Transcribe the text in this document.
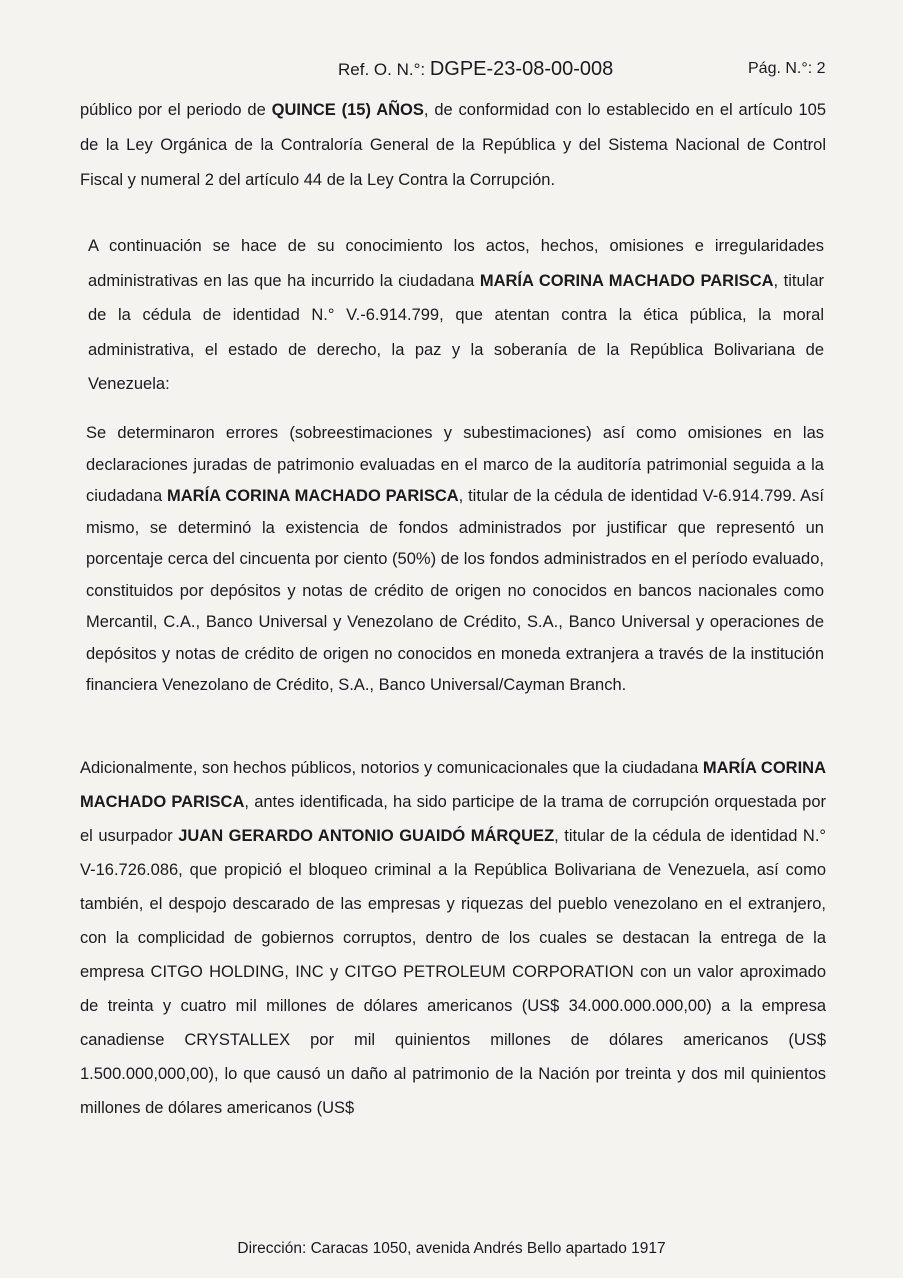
Ref. O. N.°: DGPE-23-08-00-008	Pág. N.°: 2

público por el periodo de QUINCE (15) AÑOS, de conformidad con lo establecido en el artículo 105 de la Ley Orgánica de la Contraloría General de la República y del Sistema Nacional de Control Fiscal y numeral 2 del artículo 44 de la Ley Contra la Corrupción.

A continuación se hace de su conocimiento los actos, hechos, omisiones e irregularidades administrativas en las que ha incurrido la ciudadana MARÍA CORINA MACHADO PARISCA, titular de la cédula de identidad N.° V.-6.914.799, que atentan contra la ética pública, la moral administrativa, el estado de derecho, la paz y la soberanía de la República Bolivariana de Venezuela:

Se determinaron errores (sobreestimaciones y subestimaciones) así como omisiones en las declaraciones juradas de patrimonio evaluadas en el marco de la auditoría patrimonial seguida a la ciudadana MARÍA CORINA MACHADO PARISCA, titular de la cédula de identidad V-6.914.799. Así mismo, se determinó la existencia de fondos administrados por justificar que representó un porcentaje cerca del cincuenta por ciento (50%) de los fondos administrados en el período evaluado, constituidos por depósitos y notas de crédito de origen no conocidos en bancos nacionales como Mercantil, C.A., Banco Universal y Venezolano de Crédito, S.A., Banco Universal y operaciones de depósitos y notas de crédito de origen no conocidos en moneda extranjera a través de la institución financiera Venezolano de Crédito, S.A., Banco Universal/Cayman Branch.

Adicionalmente, son hechos públicos, notorios y comunicacionales que la ciudadana MARÍA CORINA MACHADO PARISCA, antes identificada, ha sido participe de la trama de corrupción orquestada por el usurpador JUAN GERARDO ANTONIO GUAIDÓ MÁRQUEZ, titular de la cédula de identidad N.° V-16.726.086, que propició el bloqueo criminal a la República Bolivariana de Venezuela, así como también, el despojo descarado de las empresas y riquezas del pueblo venezolano en el extranjero, con la complicidad de gobiernos corruptos, dentro de los cuales se destacan la entrega de la empresa CITGO HOLDING, INC y CITGO PETROLEUM CORPORATION con un valor aproximado de treinta y cuatro mil millones de dólares americanos (US$ 34.000.000.000,00) a la empresa canadiense CRYSTALLEX por mil quinientos millones de dólares americanos (US$ 1.500.000,000,00), lo que causó un daño al patrimonio de la Nación por treinta y dos mil quinientos millones de dólares americanos (US$

Dirección: Caracas 1050, avenida Andrés Bello apartado 1917
